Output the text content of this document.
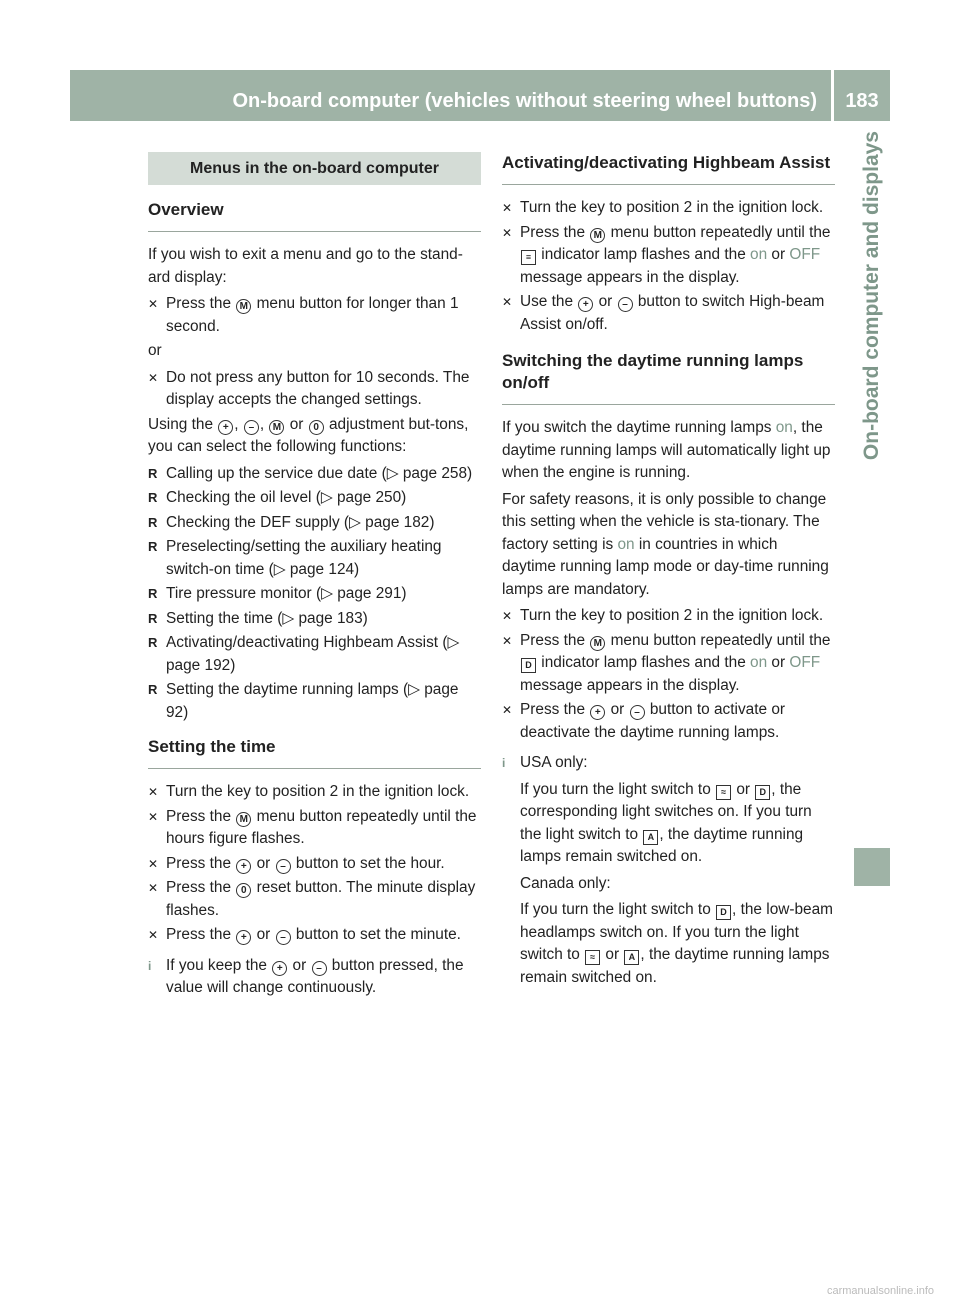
On-board computer (vehicles without steering wheel buttons)	183
On-board computer and displays
Menus in the on-board computer
Overview

If you wish to exit a menu and go to the stand-ard display:

✕ Press the M menu button for longer than 1 second.

or

✕ Do not press any button for 10 seconds. The display accepts the changed settings.

Using the + , – , M or 0 adjustment but-tons, you can select the following functions:

R Calling up the service due date (▷ page 258)
R Checking the oil level (▷ page 250)
R Checking the DEF supply (▷ page 182)
R Preselecting/setting the auxiliary heating switch-on time (▷ page 124)
R Tire pressure monitor (▷ page 291)
R Setting the time (▷ page 183)
R Activating/deactivating Highbeam Assist (▷ page 192)
R Setting the daytime running lamps (▷ page 92)
Setting the time
✕ Turn the key to position 2 in the ignition lock.
✕ Press the M menu button repeatedly until the hours figure flashes.
✕ Press the + or – button to set the hour.
✕ Press the 0 reset button. The minute display flashes.
✕ Press the + or – button to set the minute.
i If you keep the + or – button pressed, the value will change continuously.
Activating/deactivating Highbeam Assist
✕ Turn the key to position 2 in the ignition lock.
✕ Press the M menu button repeatedly until the ≡ indicator lamp flashes and the on or OFF message appears in the display.
✕ Use the + or – button to switch High-beam Assist on/off.
Switching the daytime running lamps on/off

If you switch the daytime running lamps on, the daytime running lamps will automatically light up when the engine is running.

For safety reasons, it is only possible to change this setting when the vehicle is sta-tionary. The factory setting is on in countries in which daytime running lamp mode or day-time running lamps are mandatory.

✕ Turn the key to position 2 in the ignition lock.
✕ Press the M menu button repeatedly until the D indicator lamp flashes and the on or OFF message appears in the display.
✕ Press the + or – button to activate or deactivate the daytime running lamps.
i USA only:

If you turn the light switch to ≈ or D , the corresponding light switches on. If you turn the light switch to A , the daytime running lamps remain switched on.

Canada only:

If you turn the light switch to D , the low-beam headlamps switch on. If you turn the light switch to ≈ or A , the daytime running lamps remain switched on.

carmanualsonline.info
